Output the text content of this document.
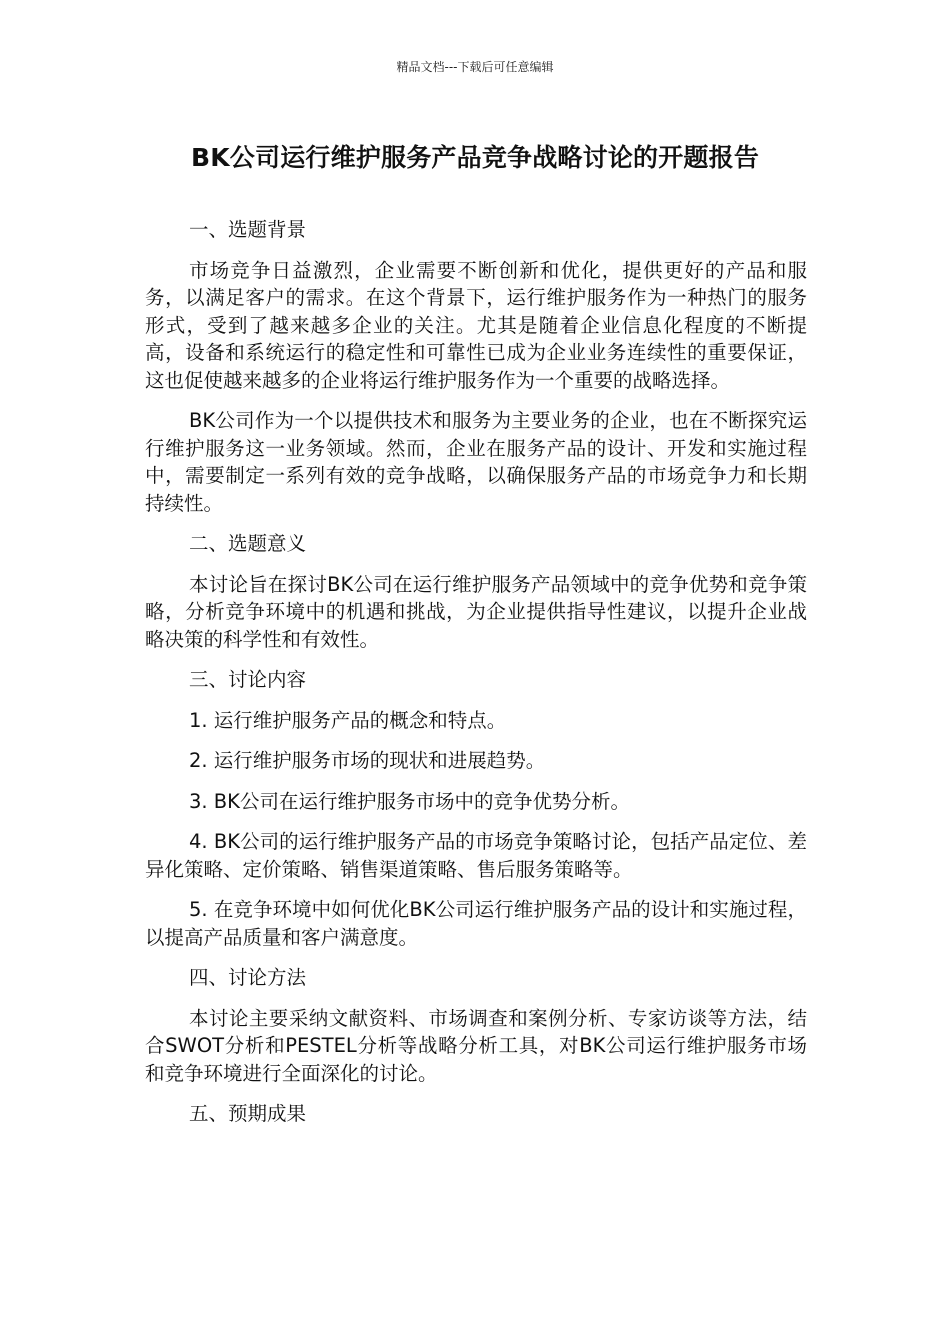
精品文档---下载后可任意编辑
BK公司运行维护服务产品竞争战略讨论的开题报告

一、选题背景

市场竞争日益激烈，企业需要不断创新和优化，提供更好的产品和服务，以满足客户的需求。在这个背景下，运行维护服务作为一种热门的服务形式，受到了越来越多企业的关注。尤其是随着企业信息化程度的不断提高，设备和系统运行的稳定性和可靠性已成为企业业务连续性的重要保证，这也促使越来越多的企业将运行维护服务作为一个重要的战略选择。

BK公司作为一个以提供技术和服务为主要业务的企业，也在不断探究运行维护服务这一业务领域。然而，企业在服务产品的设计、开发和实施过程中，需要制定一系列有效的竞争战略，以确保服务产品的市场竞争力和长期持续性。

二、选题意义

本讨论旨在探讨BK公司在运行维护服务产品领域中的竞争优势和竞争策略，分析竞争环境中的机遇和挑战，为企业提供指导性建议，以提升企业战略决策的科学性和有效性。

三、讨论内容

1. 运行维护服务产品的概念和特点。

2. 运行维护服务市场的现状和进展趋势。

3. BK公司在运行维护服务市场中的竞争优势分析。

4. BK公司的运行维护服务产品的市场竞争策略讨论，包括产品定位、差异化策略、定价策略、销售渠道策略、售后服务策略等。

5. 在竞争环境中如何优化BK公司运行维护服务产品的设计和实施过程，以提高产品质量和客户满意度。

四、讨论方法

本讨论主要采纳文献资料、市场调查和案例分析、专家访谈等方法，结合SWOT分析和PESTEL分析等战略分析工具，对BK公司运行维护服务市场和竞争环境进行全面深化的讨论。

五、预期成果
